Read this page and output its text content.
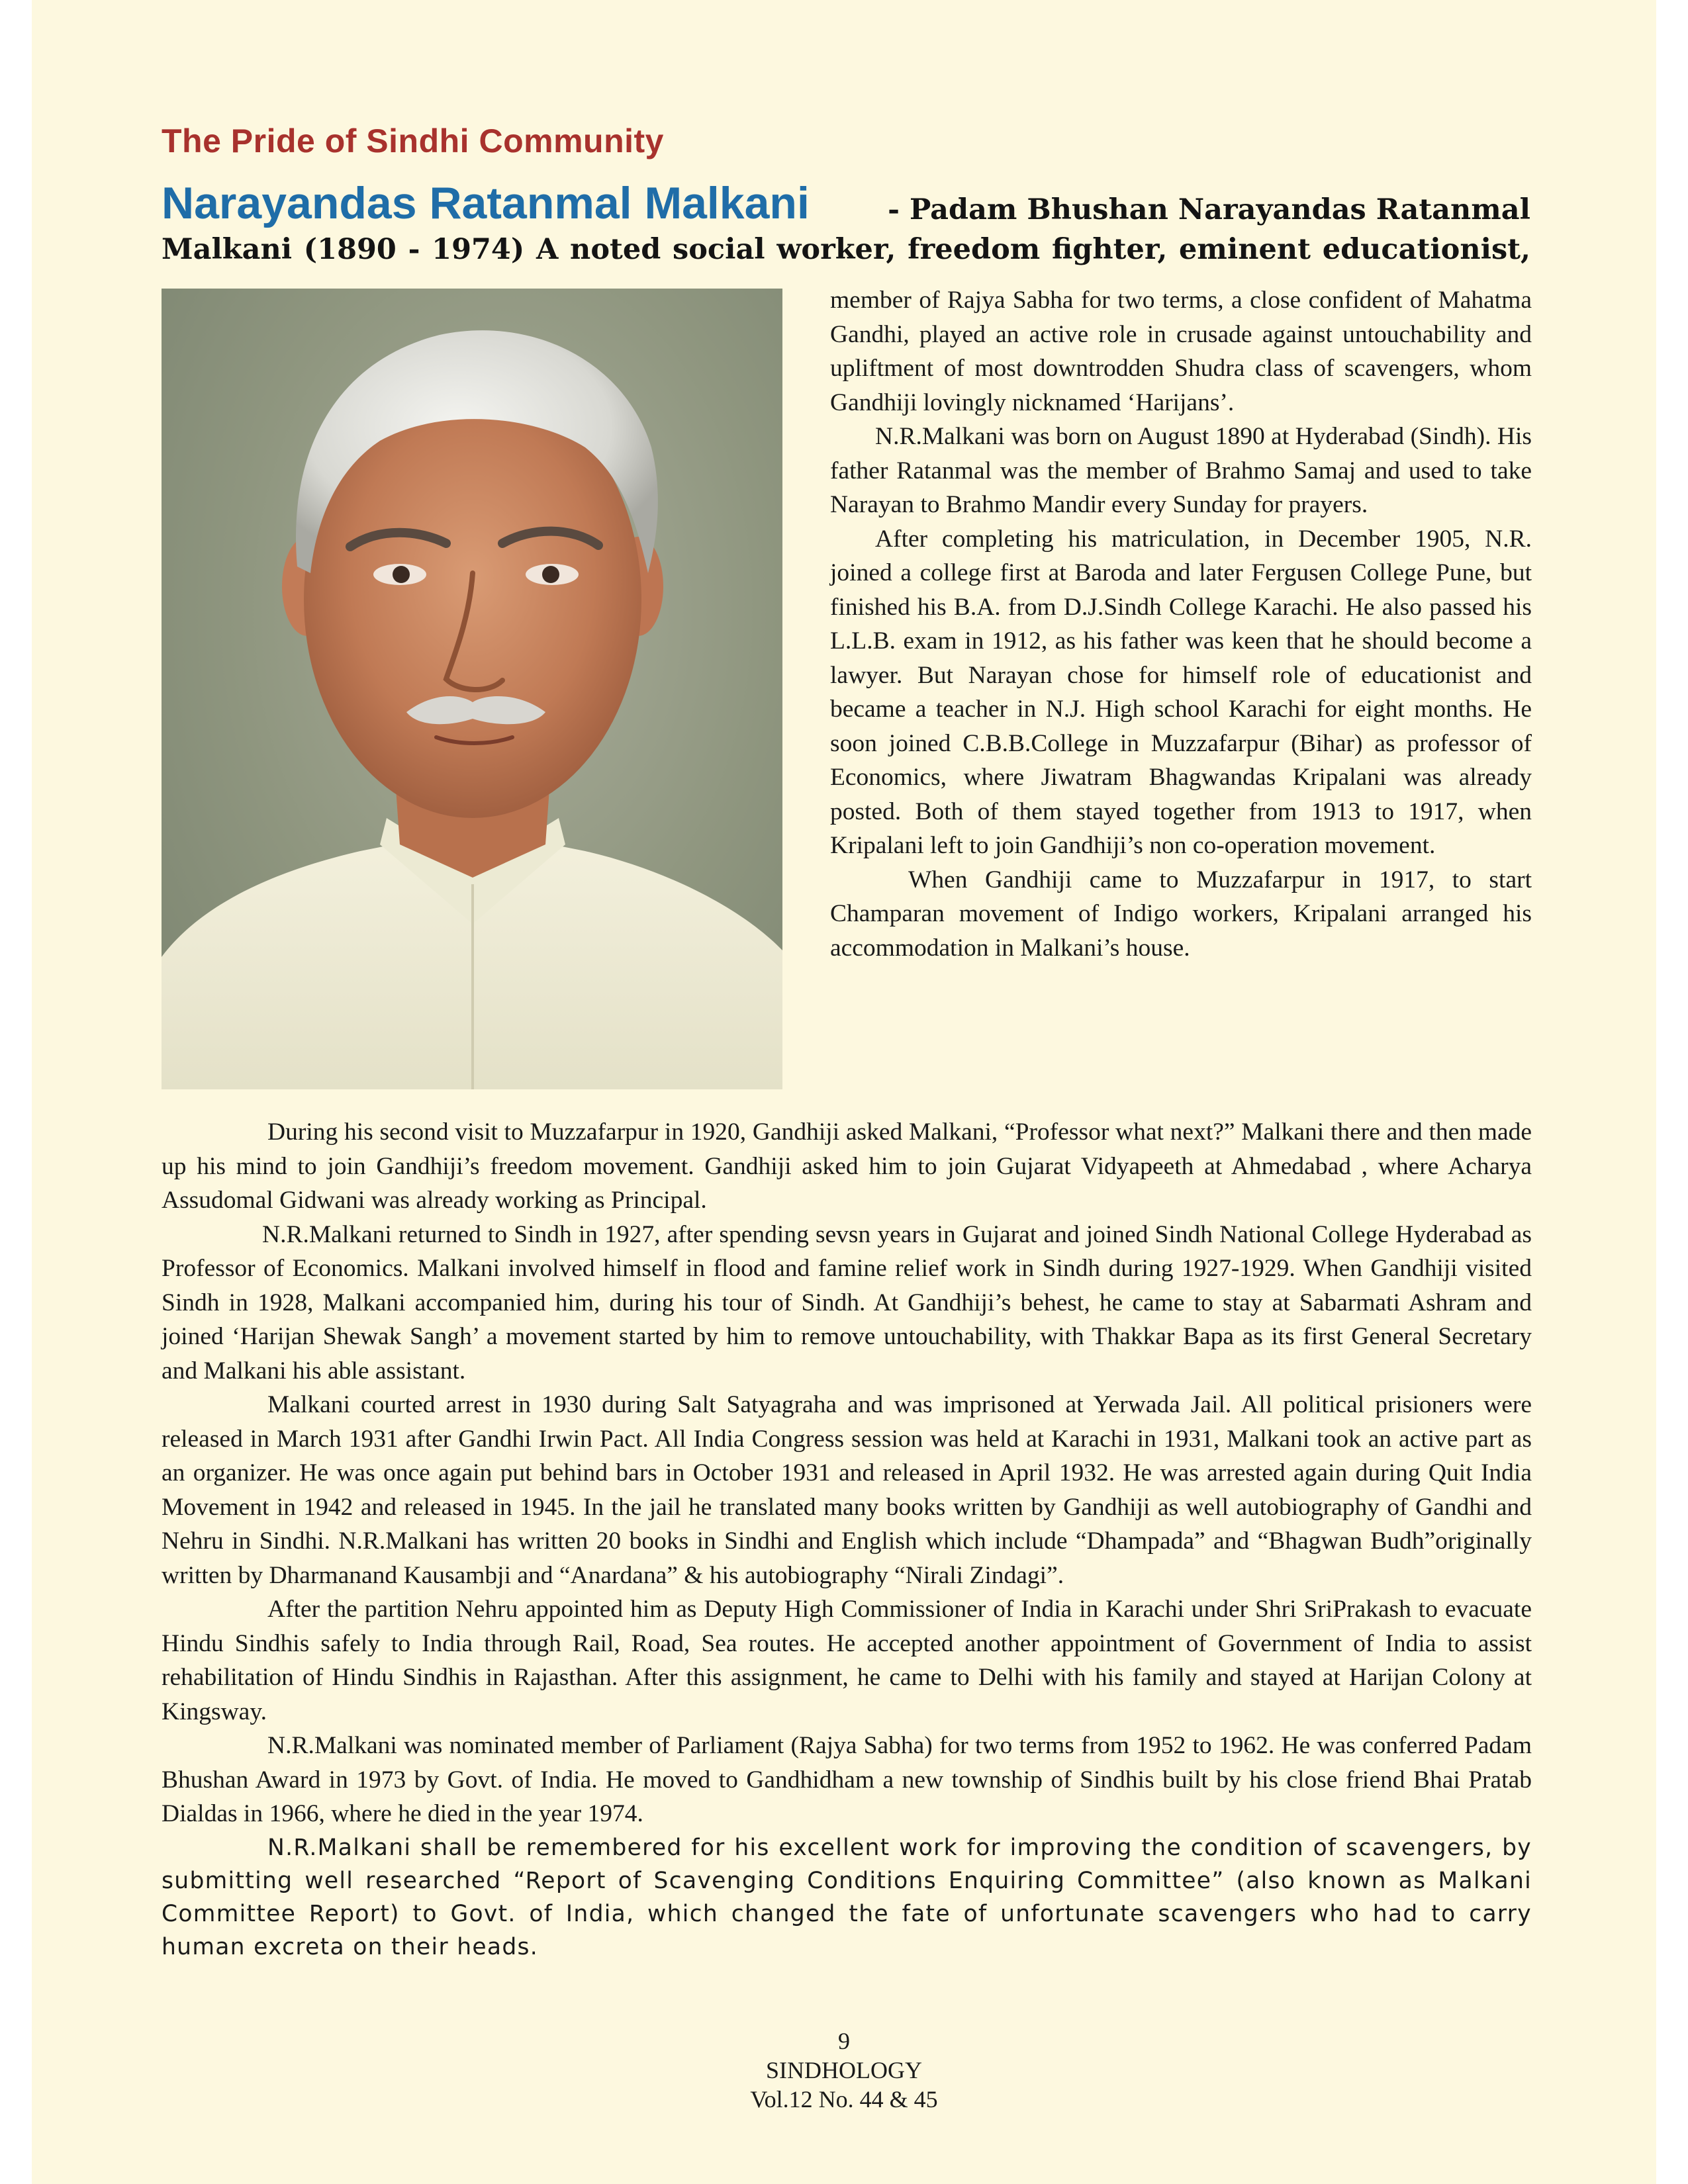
The Pride of Sindhi Community
Narayandas Ratanmal Malkani	- Padam Bhushan Narayandas Ratanmal
Malkani (1890 - 1974) A noted social worker, freedom fighter, eminent educationist,

member of Rajya Sabha for two terms, a close confident of Mahatma Gandhi, played an active role in crusade against untouchability and upliftment of most downtrodden Shudra class of scavengers, whom Gandhiji lovingly nicknamed ‘Harijans’.

N.R.Malkani was born on August 1890 at Hyderabad (Sindh). His father Ratanmal was the member of Brahmo Samaj and used to take Narayan to Brahmo Mandir every Sunday for prayers.

After completing his matriculation, in December 1905, N.R. joined a college first at Baroda and later Fergusen College Pune, but finished his B.A. from D.J.Sindh College Karachi. He also passed his L.L.B. exam in 1912, as his father was keen that he should become a lawyer. But Narayan chose for himself role of educationist and became a teacher in N.J. High school Karachi for eight months. He soon joined C.B.B.College in Muzzafarpur (Bihar) as professor of Economics, where Jiwatram Bhagwandas Kripalani was already posted. Both of them stayed together from 1913 to 1917, when Kripalani left to join Gandhiji’s non co-operation movement.

When Gandhiji came to Muzzafarpur in 1917, to start Champaran movement of Indigo workers, Kripalani arranged his accommodation in Malkani’s house.

During his second visit to Muzzafarpur in 1920, Gandhiji asked Malkani, “Professor what next?” Malkani there and then made up his mind to join Gandhiji’s freedom movement. Gandhiji asked him to join Gujarat Vidyapeeth at Ahmedabad , where Acharya Assudomal Gidwani was already working as Principal.

N.R.Malkani returned to Sindh in 1927, after spending sevsn years in Gujarat and joined Sindh National College Hyderabad as Professor of Economics. Malkani involved himself in flood and famine relief work in Sindh during 1927-1929. When Gandhiji visited Sindh in 1928, Malkani accompanied him, during his tour of Sindh. At Gandhiji’s behest, he came to stay at Sabarmati Ashram and joined ‘Harijan Shewak Sangh’ a movement started by him to remove untouchability, with Thakkar Bapa as its first General Secretary and Malkani his able assistant.

Malkani courted arrest in 1930 during Salt Satyagraha and was imprisoned at Yerwada Jail. All political prisioners were released in March 1931 after Gandhi Irwin Pact. All India Congress session was held at Karachi in 1931, Malkani took an active part as an organizer. He was once again put behind bars in October 1931 and released in April 1932. He was arrested again during Quit India Movement in 1942 and released in 1945. In the jail he translated many books written by Gandhiji as well autobiography of Gandhi and Nehru in Sindhi. N.R.Malkani has written 20 books in Sindhi and English which include “Dhampada” and “Bhagwan Budh”originally written by Dharmanand Kausambji and “Anardana” & his autobiography “Nirali Zindagi”.

After the partition Nehru appointed him as Deputy High Commissioner of India in Karachi under Shri SriPrakash to evacuate Hindu Sindhis safely to India through Rail, Road, Sea routes. He accepted another appointment of Government of India to assist rehabilitation of Hindu Sindhis in Rajasthan. After this assignment, he came to Delhi with his family and stayed at Harijan Colony at Kingsway.

N.R.Malkani was nominated member of Parliament (Rajya Sabha) for two terms from 1952 to 1962. He was conferred Padam Bhushan Award in 1973 by Govt. of India. He moved to Gandhidham a new township of Sindhis built by his close friend Bhai Pratab Dialdas in 1966, where he died in the year 1974.

N.R.Malkani shall be remembered for his excellent work for improving the condition of scavengers, by submitting well researched “Report of Scavenging Conditions Enquiring Committee” (also known as Malkani Committee Report) to Govt. of India, which changed the fate of unfortunate scavengers who had to carry human excreta on their heads.

9
SINDHOLOGY
Vol.12 No. 44 & 45
